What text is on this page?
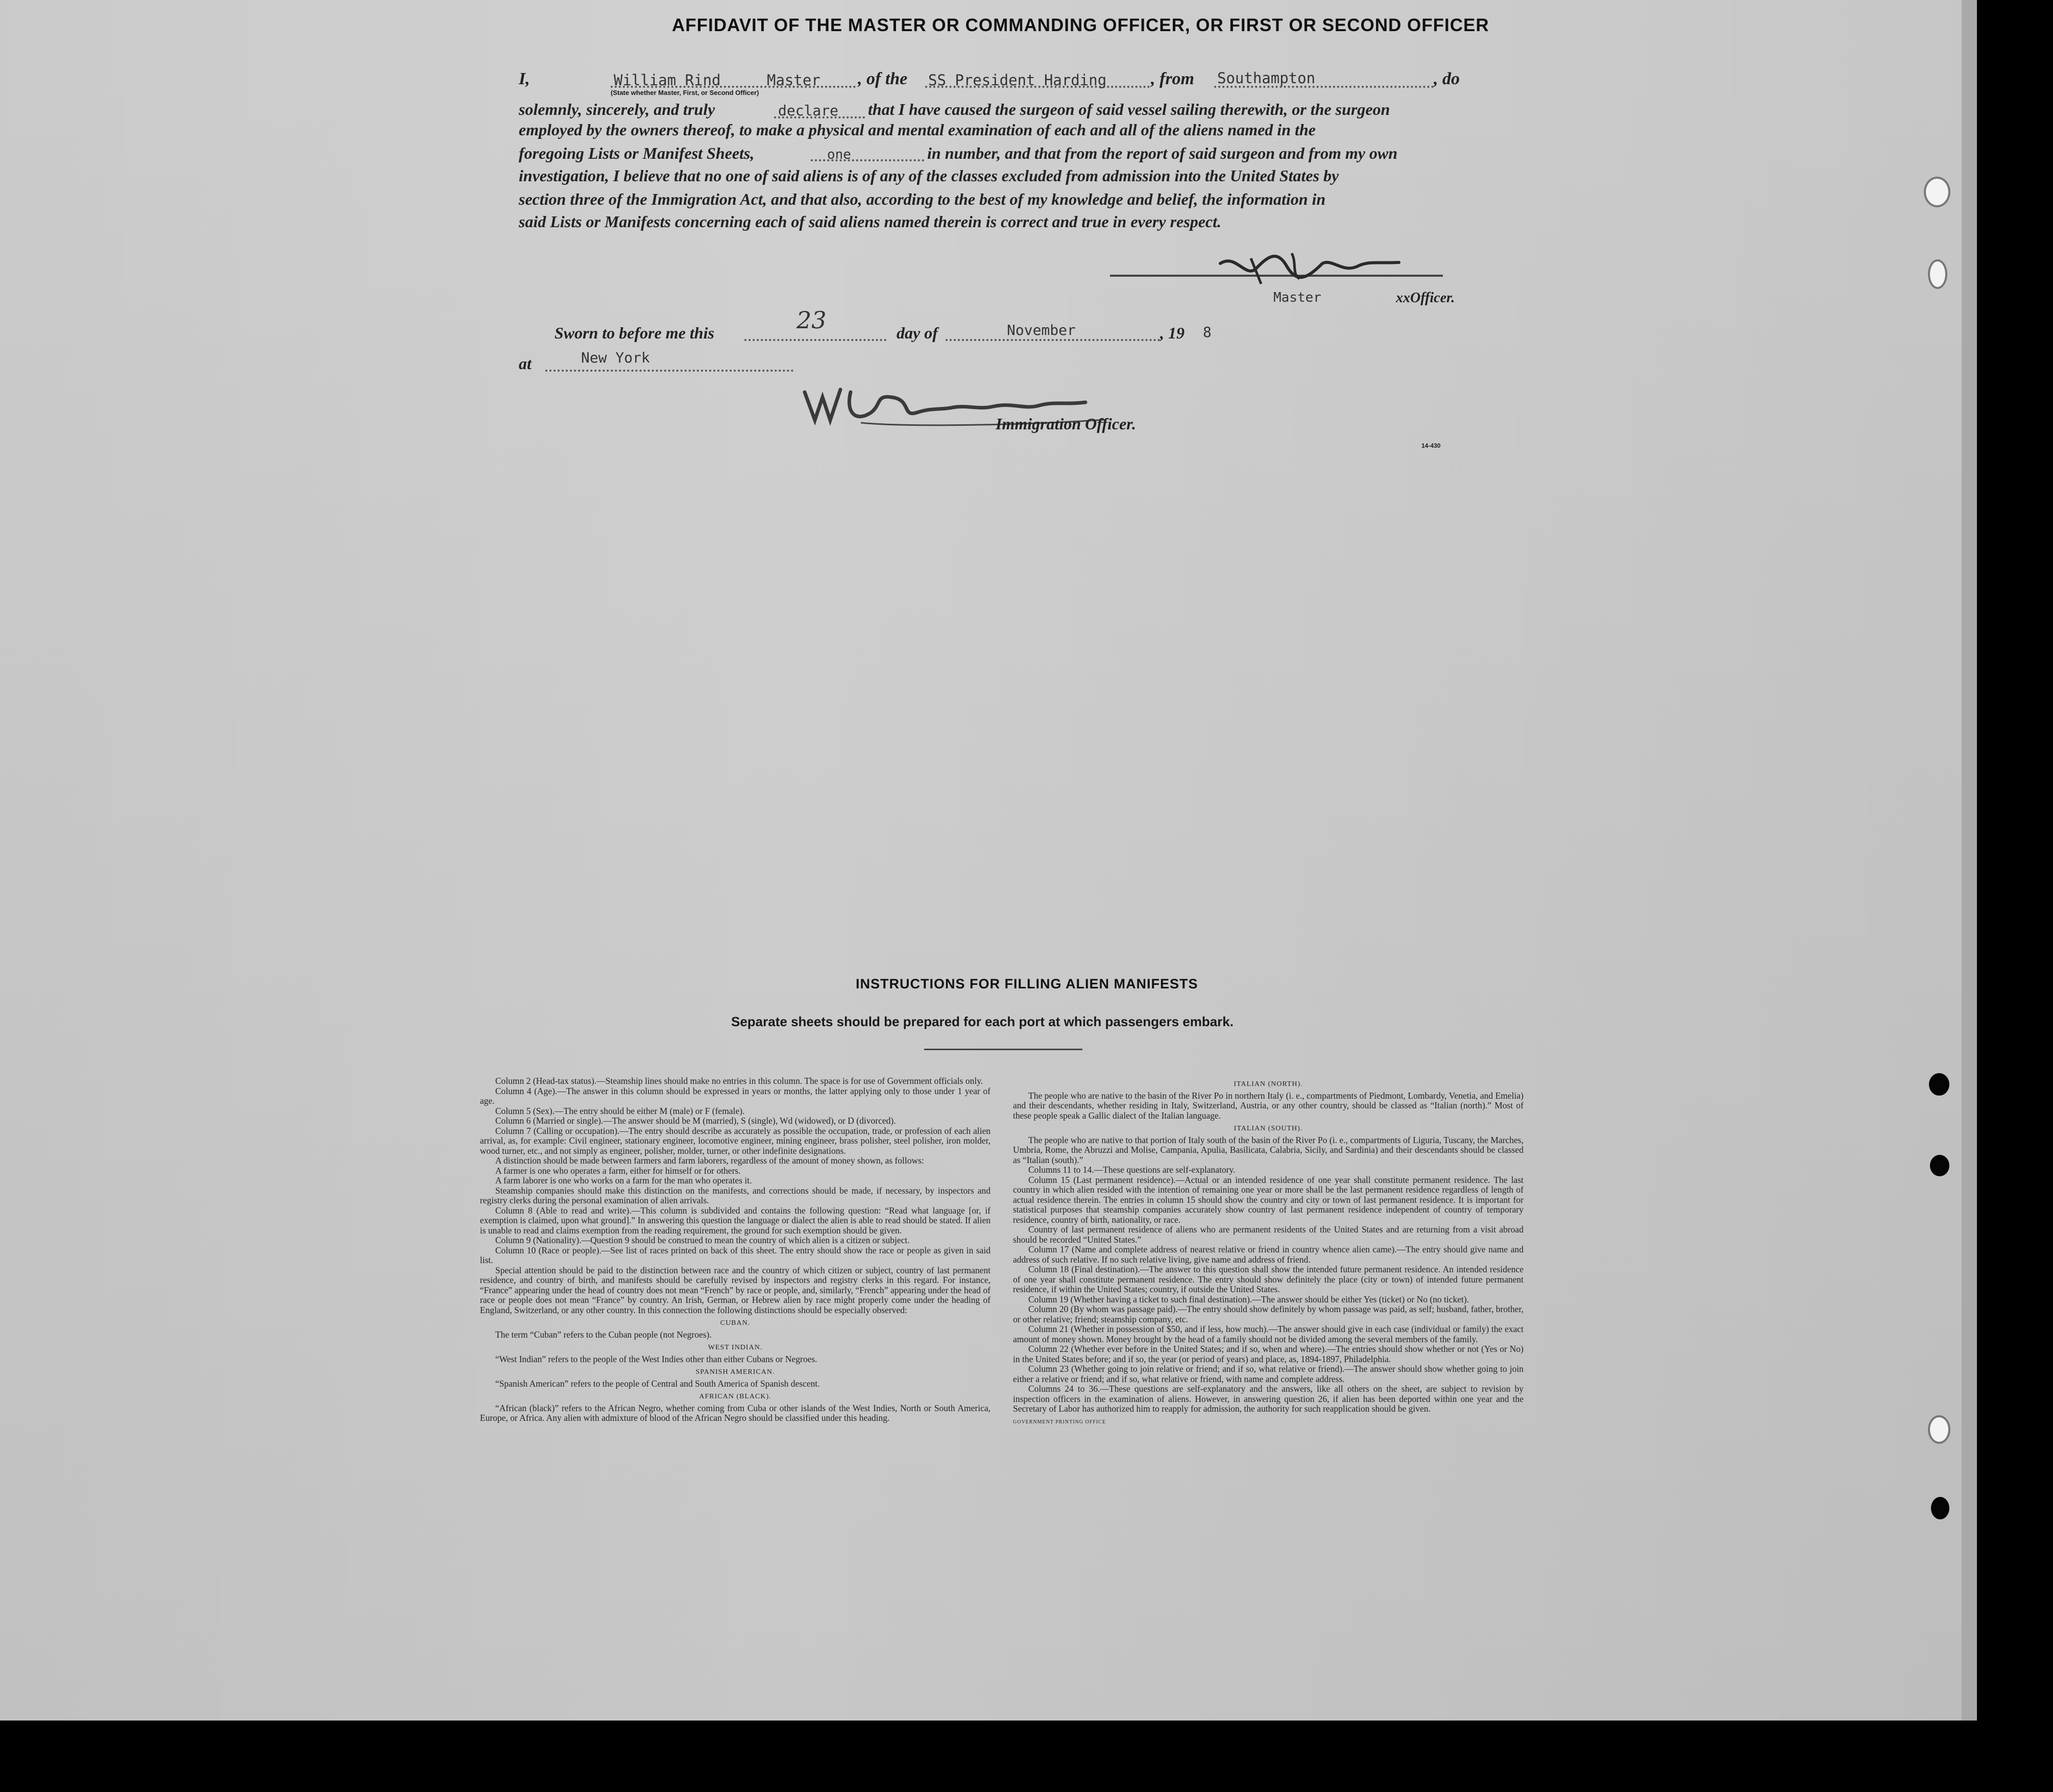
AFFIDAVIT OF THE MASTER OR COMMANDING OFFICER, OR FIRST OR SECOND OFFICER
I,	William Rind	Master , of the SS President Harding	, from Southampton	, do
(State whether Master, First, or Second Officer)
solemnly, sincerely, and truly	declare that I have caused the surgeon of said vessel sailing therewith, or the surgeon
employed by the owners thereof, to make a physical and mental examination of each and all of the aliens named in the
foregoing Lists or Manifest Sheets,	one	in number, and that from the report of said surgeon and from my own
investigation, I believe that no one of said aliens is of any of the classes excluded from admission into the United States by
section three of the Immigration Act, and that also, according to the best of my knowledge and belief, the information in
said Lists or Manifests concerning each of said aliens named therein is correct and true in every respect.
Master	xxOfficer.
Sworn to before me this	23	day of	November	, 19 8
at	New York
Immigration Officer.
14-430
INSTRUCTIONS FOR FILLING ALIEN MANIFESTS
Separate sheets should be prepared for each port at which passengers embark.

Column 2 (Head-tax status).—Steamship lines should make no entries in this column. The space is for use of Government officials only.

Column 4 (Age).—The answer in this column should be expressed in years or months, the latter applying only to those under 1 year of age.

Column 5 (Sex).—The entry should be either M (male) or F (female).

Column 6 (Married or single).—The answer should be M (married), S (single), Wd (widowed), or D (divorced).

Column 7 (Calling or occupation).—The entry should describe as accurately as possible the occupation, trade, or profession of each alien arrival, as, for example: Civil engineer, stationary engineer, locomotive engineer, mining engineer, brass polisher, steel polisher, iron molder, wood turner, etc., and not simply as engineer, polisher, molder, turner, or other indefinite designations.

A distinction should be made between farmers and farm laborers, regardless of the amount of money shown, as follows:

A farmer is one who operates a farm, either for himself or for others.

A farm laborer is one who works on a farm for the man who operates it.

Steamship companies should make this distinction on the manifests, and corrections should be made, if necessary, by inspectors and registry clerks during the personal examination of alien arrivals.

Column 8 (Able to read and write).—This column is subdivided and contains the following question: “Read what language [or, if exemption is claimed, upon what ground].” In answering this question the language or dialect the alien is able to read should be stated. If alien is unable to read and claims exemption from the reading requirement, the ground for such exemption should be given.

Column 9 (Nationality).—Question 9 should be construed to mean the country of which alien is a citizen or subject.

Column 10 (Race or people).—See list of races printed on back of this sheet. The entry should show the race or people as given in said list.

Special attention should be paid to the distinction between race and the country of which citizen or subject, country of last permanent residence, and country of birth, and manifests should be carefully revised by inspectors and registry clerks in this regard. For instance, “France” appearing under the head of country does not mean “French” by race or people, and, similarly, “French” appearing under the head of race or people does not mean “France” by country. An Irish, German, or Hebrew alien by race might properly come under the heading of England, Switzerland, or any other country. In this connection the following distinctions should be especially observed:

CUBAN.

The term “Cuban” refers to the Cuban people (not Negroes).

WEST INDIAN.

“West Indian” refers to the people of the West Indies other than either Cubans or Negroes.

SPANISH AMERICAN.

“Spanish American” refers to the people of Central and South America of Spanish descent.

AFRICAN (BLACK).

“African (black)” refers to the African Negro, whether coming from Cuba or other islands of the West Indies, North or South America, Europe, or Africa. Any alien with admixture of blood of the African Negro should be classified under this heading.

ITALIAN (NORTH).

The people who are native to the basin of the River Po in northern Italy (i. e., compartments of Piedmont, Lombardy, Venetia, and Emelia) and their descendants, whether residing in Italy, Switzerland, Austria, or any other country, should be classed as “Italian (north).” Most of these people speak a Gallic dialect of the Italian language.

ITALIAN (SOUTH).

The people who are native to that portion of Italy south of the basin of the River Po (i. e., compartments of Liguria, Tuscany, the Marches, Umbria, Rome, the Abruzzi and Molise, Campania, Apulia, Basilicata, Calabria, Sicily, and Sardinia) and their descendants should be classed as “Italian (south).”

Columns 11 to 14.—These questions are self-explanatory.

Column 15 (Last permanent residence).—Actual or an intended residence of one year shall constitute permanent residence. The last country in which alien resided with the intention of remaining one year or more shall be the last permanent residence regardless of length of actual residence therein. The entries in column 15 should show the country and city or town of last permanent residence. It is important for statistical purposes that steamship companies accurately show country of last permanent residence independent of country of temporary residence, country of birth, nationality, or race.

Country of last permanent residence of aliens who are permanent residents of the United States and are returning from a visit abroad should be recorded “United States.”

Column 17 (Name and complete address of nearest relative or friend in country whence alien came).—The entry should give name and address of such relative. If no such relative living, give name and address of friend.

Column 18 (Final destination).—The answer to this question shall show the intended future permanent residence. An intended residence of one year shall constitute permanent residence. The entry should show definitely the place (city or town) of intended future permanent residence, if within the United States; country, if outside the United States.

Column 19 (Whether having a ticket to such final destination).—The answer should be either Yes (ticket) or No (no ticket).

Column 20 (By whom was passage paid).—The entry should show definitely by whom passage was paid, as self; husband, father, brother, or other relative; friend; steamship company, etc.

Column 21 (Whether in possession of $50, and if less, how much).—The answer should give in each case (individual or family) the exact amount of money shown. Money brought by the head of a family should not be divided among the several members of the family.

Column 22 (Whether ever before in the United States; and if so, when and where).—The entries should show whether or not (Yes or No) in the United States before; and if so, the year (or period of years) and place, as, 1894-1897, Philadelphia.

Column 23 (Whether going to join relative or friend; and if so, what relative or friend).—The answer should show whether going to join either a relative or friend; and if so, what relative or friend, with name and complete address.

Columns 24 to 36.—These questions are self-explanatory and the answers, like all others on the sheet, are subject to revision by inspection officers in the examination of aliens. However, in answering question 26, if alien has been deported within one year and the Secretary of Labor has authorized him to reapply for admission, the authority for such reapplication should be given.

GOVERNMENT PRINTING OFFICE
